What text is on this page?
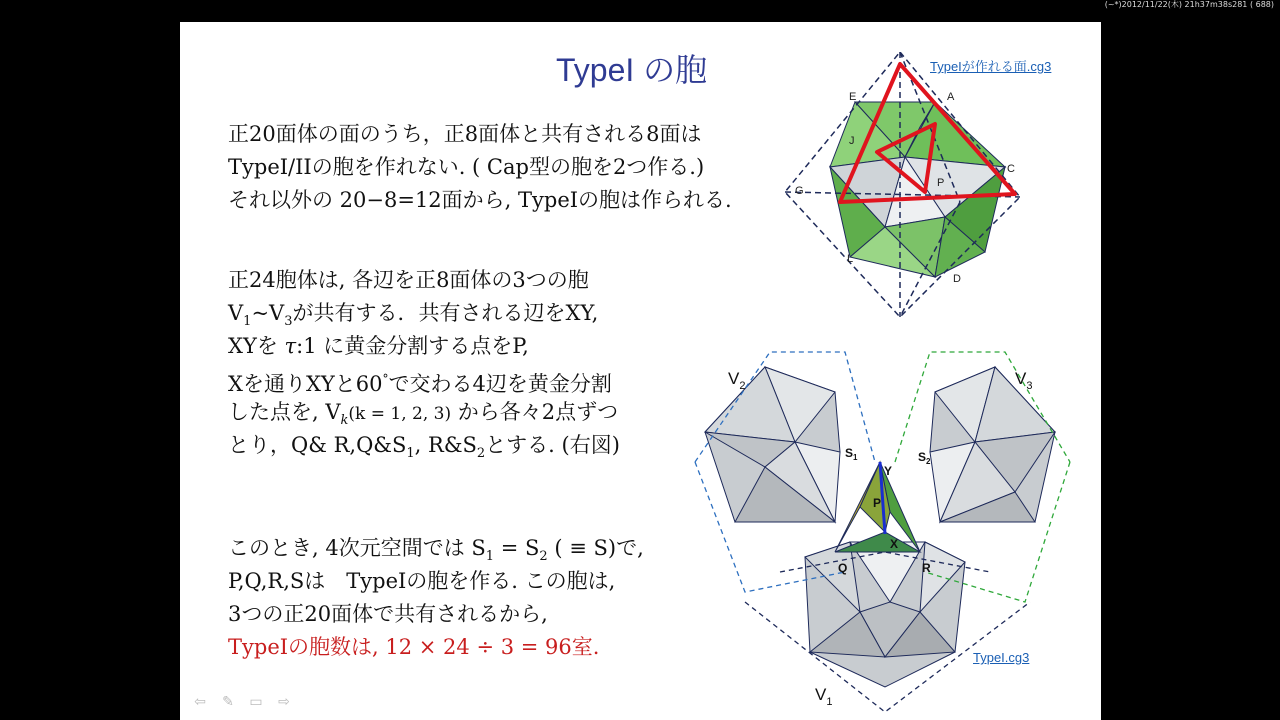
(~*)2012/11/22(木) 21h37m38s281 ( 688)
TypeI の胞
正20面体の面のうち，正8面体と共有される8面は
TypeI/IIの胞を作れない. ( Cap型の胞を2つ作る.)
それ以外の 20−8=12面から, TypeIの胞は作られる.
正24胞体は, 各辺を正8面体の3つの胞
$V_1\sim V_3$が共有する．共有される辺をXY,
XYを τ:1 に黄金分割する点をP,
Xを通りXYと60°で交わる4辺を黄金分割
した点を, $V_k(k = 1$, 2, 3) から各々2点ずつ
とり，Q& $R,Q\&S_1$, $R\&S_2$とする. (右図)
このとき, 4次元空間では $S_1 = S_2$ ( ≡ S)で,
P,Q,R,Sは　TypeIの胞を作る. この胞は,
3つの正20面体で共有されるから,
TypeIの胞数は, 12 × 24 ÷ 3 = 96室.
TypeIが作れる面.cg3
TypeI.cg3
A
C
D
E
G
J
L
P
$V_2$	$V_3$
$V_1$
$S_1$	$S_2$
Y
P
X
Q	R
⇦ ✎ ▭ ⇨
